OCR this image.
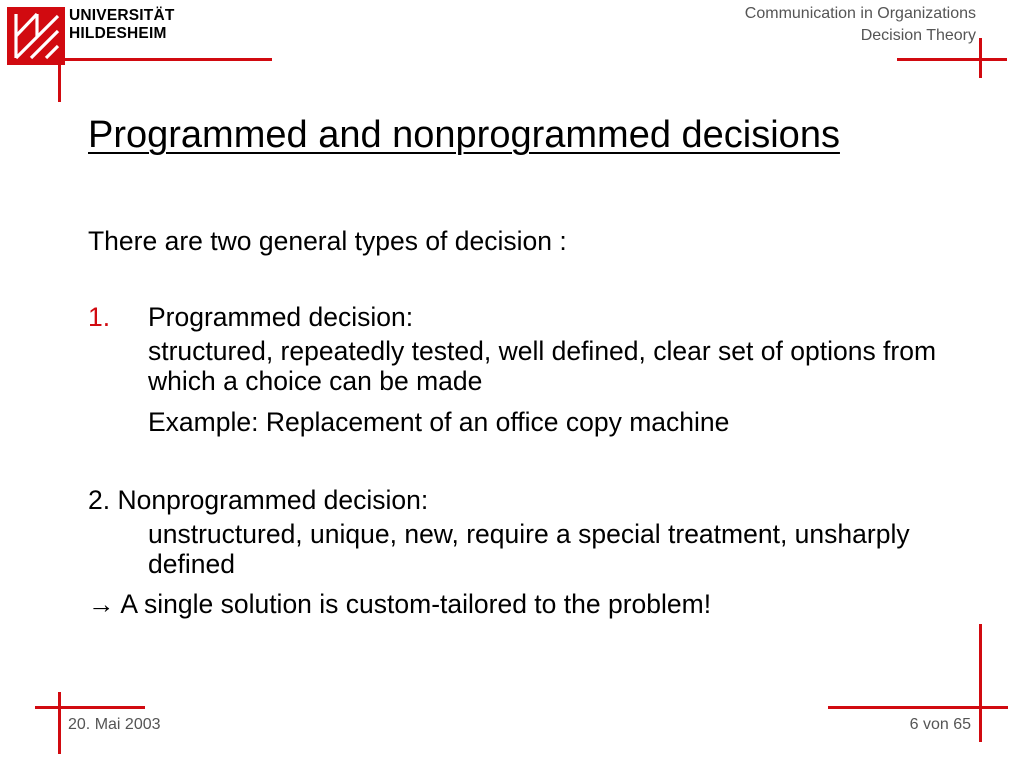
UNIVERSITÄT
HILDESHEIM
Communication in Organizations
Decision Theory
Programmed and nonprogrammed decisions

There are two general types of decision :

1.	Programmed decision:

structured, repeatedly tested, well defined, clear set of options from which a choice can be made

Example: Replacement of an office copy machine

2. Nonprogrammed decision:

unstructured, unique, new, require a special treatment, unsharply defined

→ A single solution is custom-tailored to the problem!

20. Mai 2003	6 von 65
